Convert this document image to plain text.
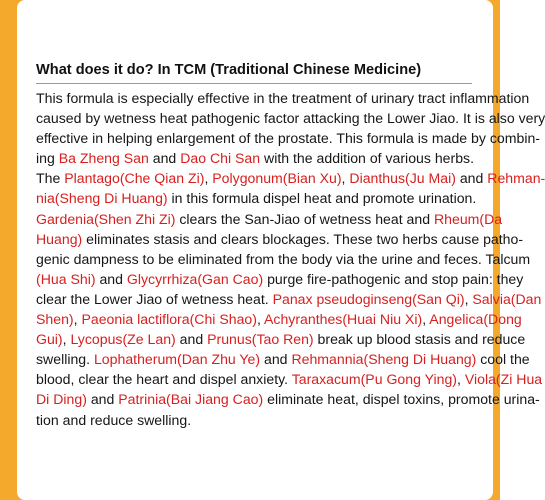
What does it do? In TCM (Traditional Chinese Medicine)
This formula is especially effective in the treatment of urinary tract inflammation
caused by wetness heat pathogenic factor attacking the Lower Jiao. It is also very
effective in helping enlargement of the prostate. This formula is made by combin-
ing Ba Zheng San and Dao Chi San with the addition of various herbs.
The Plantago(Che Qian Zi), Polygonum(Bian Xu), Dianthus(Ju Mai) and Rehman-
nia(Sheng Di Huang) in this formula dispel heat and promote urination.
Gardenia(Shen Zhi Zi) clears the San-Jiao of wetness heat and Rheum(Da
Huang) eliminates stasis and clears blockages. These two herbs cause patho-
genic dampness to be eliminated from the body via the urine and feces. Talcum
(Hua Shi) and Glycyrrhiza(Gan Cao) purge fire-pathogenic and stop pain: they
clear the Lower Jiao of wetness heat. Panax pseudoginseng(San Qi), Salvia(Dan
Shen), Paeonia lactiflora(Chi Shao), Achyranthes(Huai Niu Xi), Angelica(Dong
Gui), Lycopus(Ze Lan) and Prunus(Tao Ren) break up blood stasis and reduce
swelling. Lophatherum(Dan Zhu Ye) and Rehmannia(Sheng Di Huang) cool the
blood, clear the heart and dispel anxiety. Taraxacum(Pu Gong Ying), Viola(Zi Hua
Di Ding) and Patrinia(Bai Jiang Cao) eliminate heat, dispel toxins, promote urina-
tion and reduce swelling.
